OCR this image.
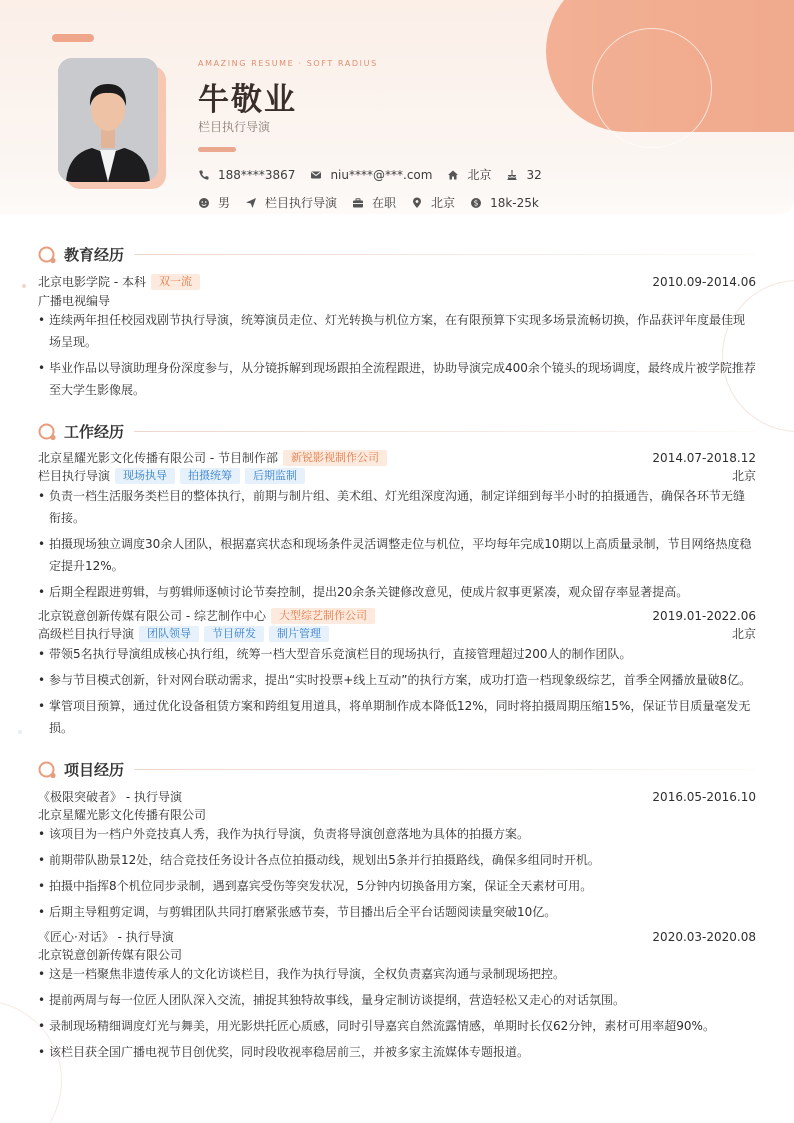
AMAZING RESUME · SOFT RADIUS
牛敬业
栏目执行导演
188****3867	niu****@***.com	北京	32
男	栏目执行导演	在职	北京 $ 18k-25k
教育经历
北京电影学院 - 本科	双一流	2010.09-2014.06
广播电视编导
• 连续两年担任校园戏剧节执行导演，统筹演员走位、灯光转换与机位方案，在有限预算下实现多场景流畅切换，作品获评年度最佳现场呈现。
• 毕业作品以导演助理身份深度参与，从分镜拆解到现场跟拍全流程跟进，协助导演完成400余个镜头的现场调度，最终成片被学院推荐至大学生影像展。
工作经历
北京星耀光影文化传播有限公司 - 节目制作部	新锐影视制作公司	2014.07-2018.12
栏目执行导演	现场执导	拍摄统筹	后期监制	北京
• 负责一档生活服务类栏目的整体执行，前期与制片组、美术组、灯光组深度沟通，制定详细到每半小时的拍摄通告，确保各环节无缝衔接。
• 拍摄现场独立调度30余人团队，根据嘉宾状态和现场条件灵活调整走位与机位，平均每年完成10期以上高质量录制，节目网络热度稳定提升12%。
• 后期全程跟进剪辑，与剪辑师逐帧讨论节奏控制，提出20余条关键修改意见，使成片叙事更紧凑，观众留存率显著提高。
北京锐意创新传媒有限公司 - 综艺制作中心	大型综艺制作公司	2019.01-2022.06
高级栏目执行导演	团队领导	节目研发	制片管理	北京
• 带领5名执行导演组成核心执行组，统筹一档大型音乐竞演栏目的现场执行，直接管理超过200人的制作团队。
• 参与节目模式创新，针对网台联动需求，提出“实时投票+线上互动”的执行方案，成功打造一档现象级综艺，首季全网播放量破8亿。
• 掌管项目预算，通过优化设备租赁方案和跨组复用道具，将单期制作成本降低12%，同时将拍摄周期压缩15%，保证节目质量毫发无损。
项目经历
《极限突破者》 - 执行导演	2016.05-2016.10
北京星耀光影文化传播有限公司
• 该项目为一档户外竞技真人秀，我作为执行导演，负责将导演创意落地为具体的拍摄方案。
• 前期带队勘景12处，结合竞技任务设计各点位拍摄动线，规划出5条并行拍摄路线，确保多组同时开机。
• 拍摄中指挥8个机位同步录制，遇到嘉宾受伤等突发状况，5分钟内切换备用方案，保证全天素材可用。
• 后期主导粗剪定调，与剪辑团队共同打磨紧张感节奏，节目播出后全平台话题阅读量突破10亿。
《匠心·对话》 - 执行导演	2020.03-2020.08
北京锐意创新传媒有限公司
• 这是一档聚焦非遗传承人的文化访谈栏目，我作为执行导演，全权负责嘉宾沟通与录制现场把控。
• 提前两周与每一位匠人团队深入交流，捕捉其独特故事线，量身定制访谈提纲，营造轻松又走心的对话氛围。
• 录制现场精细调度灯光与舞美，用光影烘托匠心质感，同时引导嘉宾自然流露情感，单期时长仅62分钟，素材可用率超90%。
• 该栏目获全国广播电视节目创优奖，同时段收视率稳居前三，并被多家主流媒体专题报道。
